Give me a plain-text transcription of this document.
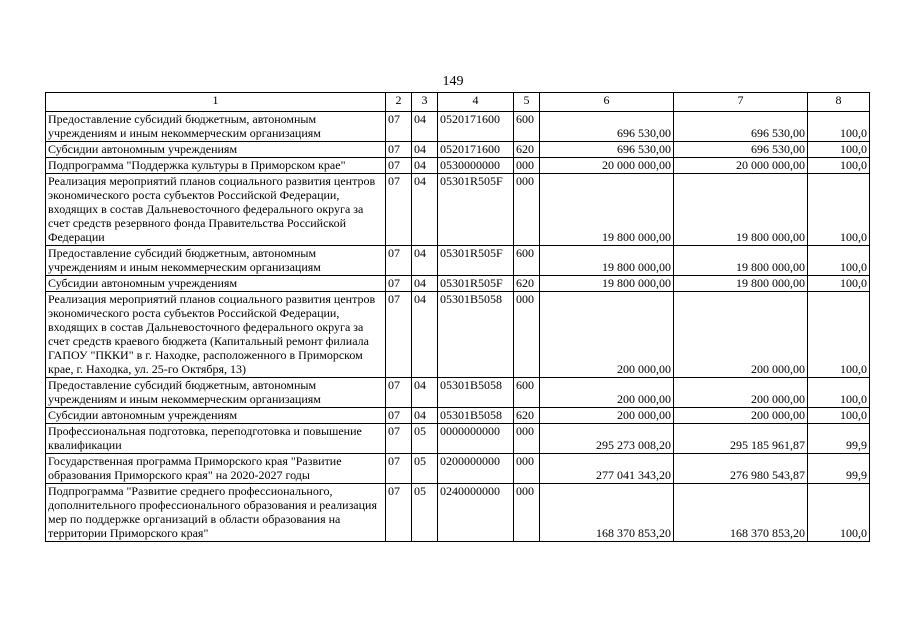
149
1	2	3	4	5	6	7	8
Предоставление субсидий бюджетным, автономным учреждениям и иным некоммерческим организациям	07	04	0520171600	600	696 530,00	696 530,00	100,0
Субсидии автономным учреждениям	07	04	0520171600	620	696 530,00	696 530,00	100,0
Подпрограмма "Поддержка культуры в Приморском крае"	07	04	0530000000	000	20 000 000,00	20 000 000,00	100,0
Реализация мероприятий планов социального развития центров экономического роста субъектов Российской Федерации, входящих в состав Дальневосточного федерального округа за счет средств резервного фонда Правительства Российской Федерации	07	04	05301R505F	000	19 800 000,00	19 800 000,00	100,0
Предоставление субсидий бюджетным, автономным учреждениям и иным некоммерческим организациям	07	04	05301R505F	600	19 800 000,00	19 800 000,00	100,0
Субсидии автономным учреждениям	07	04	05301R505F	620	19 800 000,00	19 800 000,00	100,0
Реализация мероприятий планов социального развития центров экономического роста субъектов Российской Федерации, входящих в состав Дальневосточного федерального округа за счет средств краевого бюджета (Капитальный ремонт филиала ГАПОУ "ПККИ" в г. Находке, расположенного в Приморском крае, г. Находка, ул. 25-го Октября, 13)	07	04	05301B5058	000	200 000,00	200 000,00	100,0
Предоставление субсидий бюджетным, автономным учреждениям и иным некоммерческим организациям	07	04	05301B5058	600	200 000,00	200 000,00	100,0
Субсидии автономным учреждениям	07	04	05301B5058	620	200 000,00	200 000,00	100,0
Профессиональная подготовка, переподготовка и повышение квалификации	07	05	0000000000	000	295 273 008,20	295 185 961,87	99,9
Государственная программа Приморского края "Развитие образования Приморского края" на 2020-2027 годы	07	05	0200000000	000	277 041 343,20	276 980 543,87	99,9
Подпрограмма "Развитие среднего профессионального, дополнительного профессионального образования и реализация мер по поддержке организаций в области образования на территории Приморского края"	07	05	0240000000	000	168 370 853,20	168 370 853,20	100,0
